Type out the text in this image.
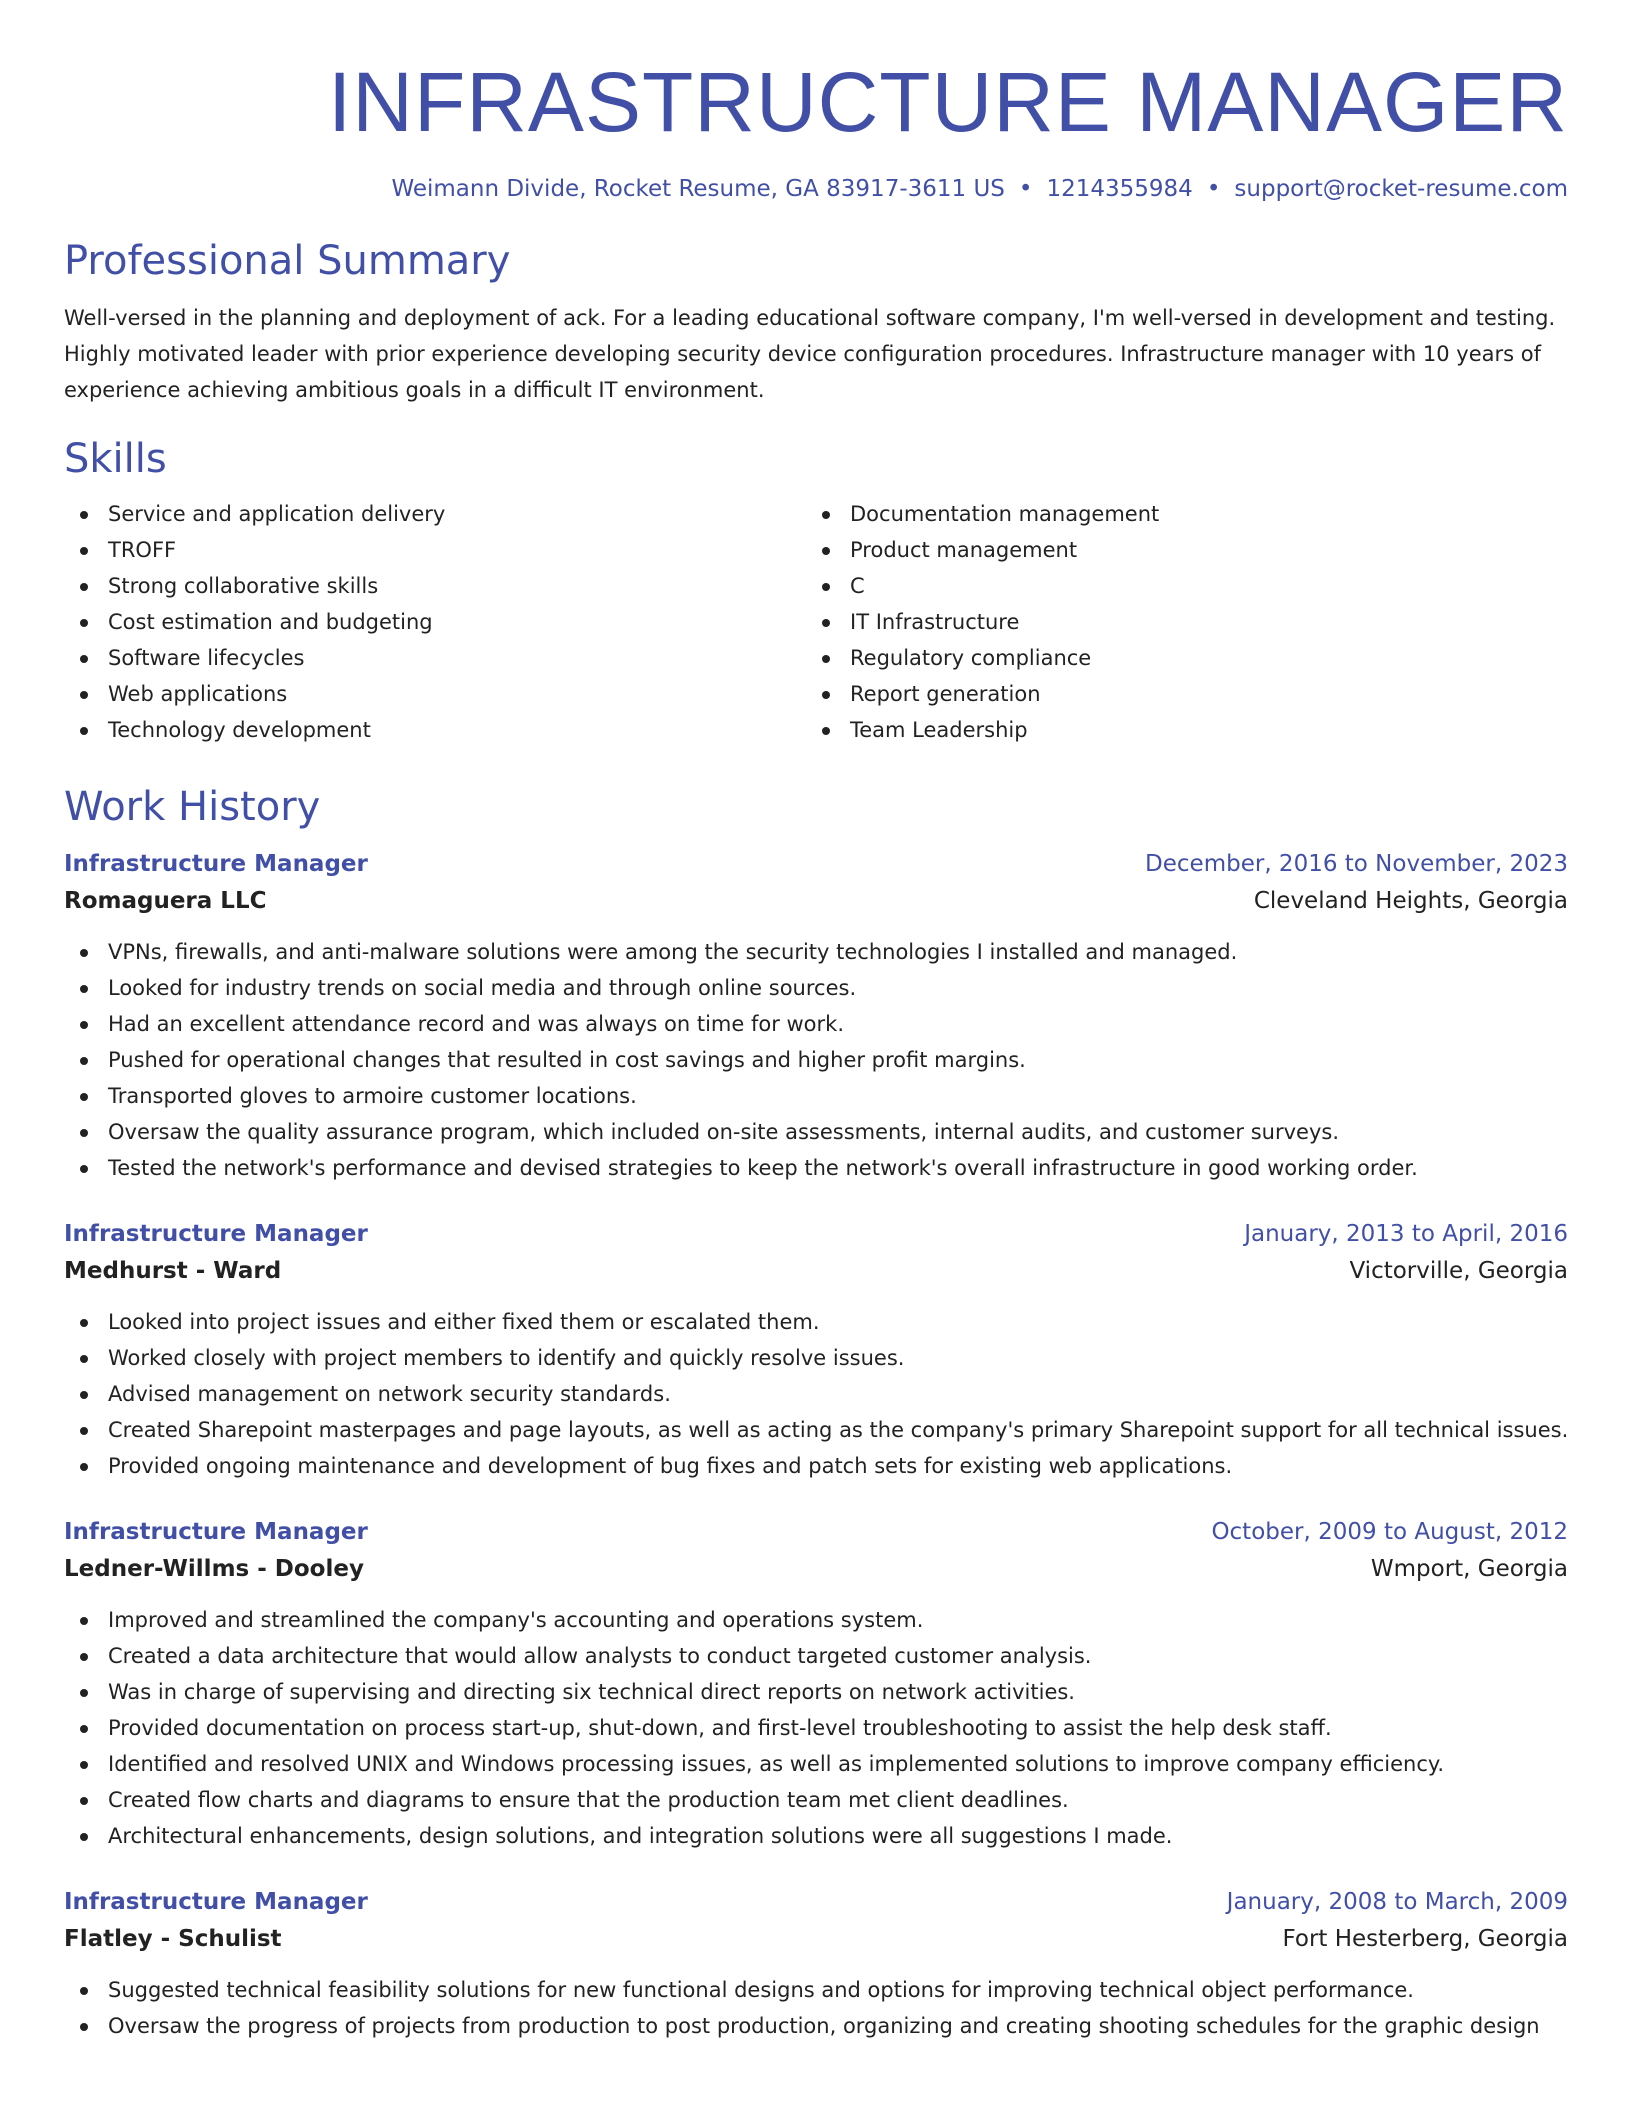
INFRASTRUCTURE MANAGER
Weimann Divide, Rocket Resume, GA 83917-3611 US • 1214355984 • support@rocket-resume.com
Professional Summary

Well-versed in the planning and deployment of ack. For a leading educational software company, I'm well-versed in development and testing. Highly motivated leader with prior experience developing security device configuration procedures. Infrastructure manager with 10 years of experience achieving ambitious goals in a difficult IT environment.

Skills
Service and application delivery
TROFF
Strong collaborative skills
Cost estimation and budgeting
Software lifecycles
Web applications
Technology development
Documentation management
Product management
C
IT Infrastructure
Regulatory compliance
Report generation
Team Leadership
Work History
Infrastructure Manager	December, 2016 to November, 2023
Romaguera LLC	Cleveland Heights, Georgia
VPNs, firewalls, and anti-malware solutions were among the security technologies I installed and managed.
Looked for industry trends on social media and through online sources.
Had an excellent attendance record and was always on time for work.
Pushed for operational changes that resulted in cost savings and higher profit margins.
Transported gloves to armoire customer locations.
Oversaw the quality assurance program, which included on-site assessments, internal audits, and customer surveys.
Tested the network's performance and devised strategies to keep the network's overall infrastructure in good working order.
Infrastructure Manager	January, 2013 to April, 2016
Medhurst - Ward	Victorville, Georgia
Looked into project issues and either fixed them or escalated them.
Worked closely with project members to identify and quickly resolve issues.
Advised management on network security standards.
Created Sharepoint masterpages and page layouts, as well as acting as the company's primary Sharepoint support for all technical issues.
Provided ongoing maintenance and development of bug fixes and patch sets for existing web applications.
Infrastructure Manager	October, 2009 to August, 2012
Ledner-Willms - Dooley	Wmport, Georgia
Improved and streamlined the company's accounting and operations system.
Created a data architecture that would allow analysts to conduct targeted customer analysis.
Was in charge of supervising and directing six technical direct reports on network activities.
Provided documentation on process start-up, shut-down, and first-level troubleshooting to assist the help desk staff.
Identified and resolved UNIX and Windows processing issues, as well as implemented solutions to improve company efficiency.
Created flow charts and diagrams to ensure that the production team met client deadlines.
Architectural enhancements, design solutions, and integration solutions were all suggestions I made.
Infrastructure Manager	January, 2008 to March, 2009
Flatley - Schulist	Fort Hesterberg, Georgia
Suggested technical feasibility solutions for new functional designs and options for improving technical object performance.
Oversaw the progress of projects from production to post production, organizing and creating shooting schedules for the graphic design
